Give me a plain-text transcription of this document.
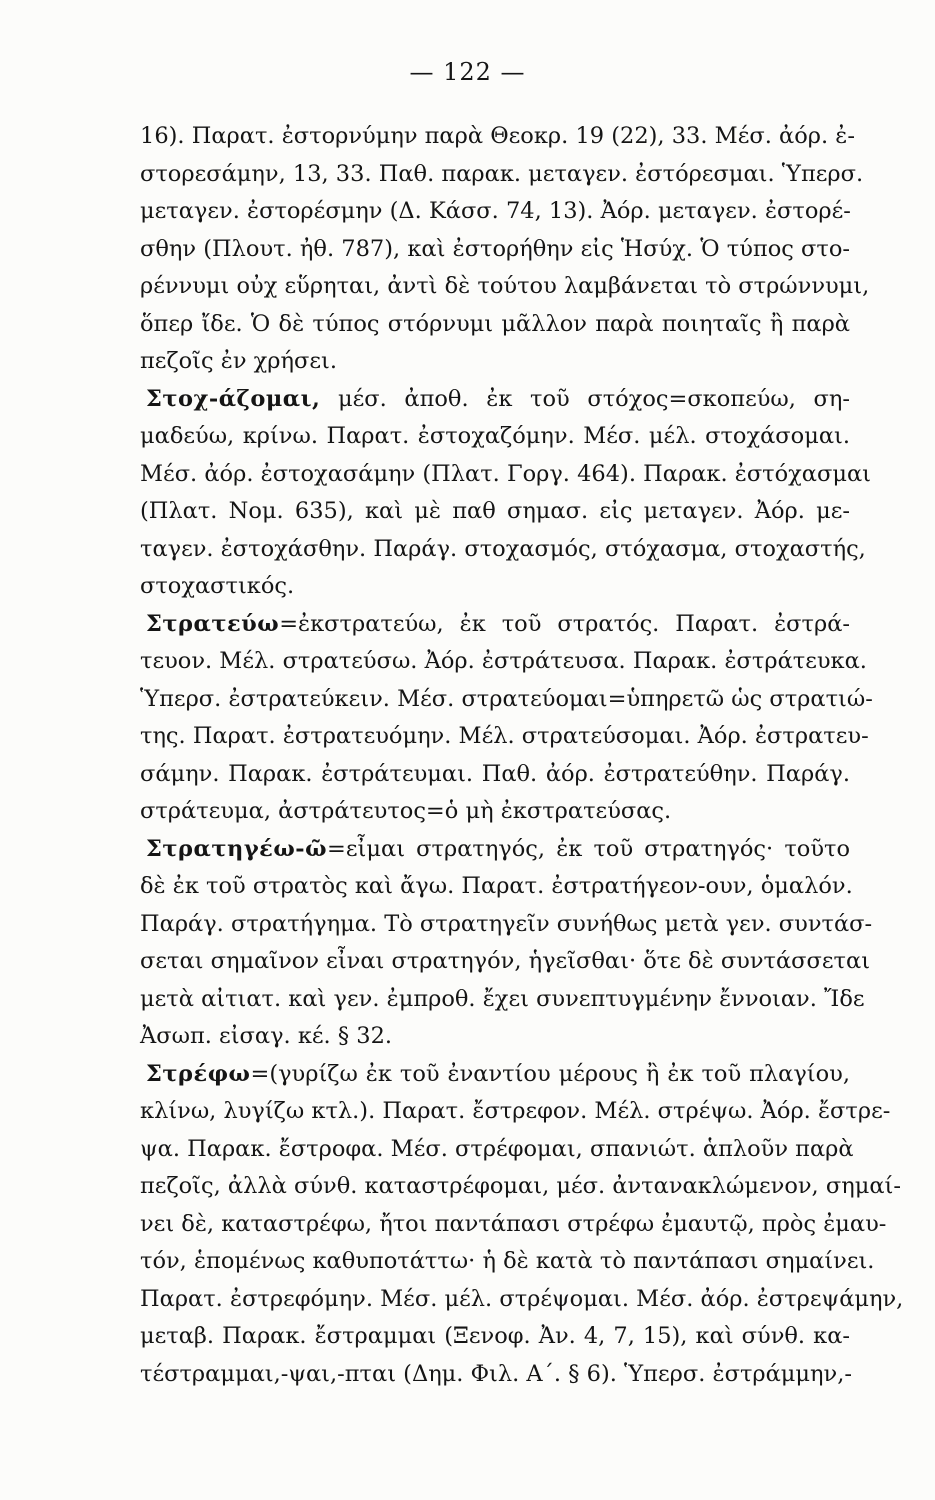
— 122 —
16). Παρατ. ἐστορνύμην παρὰ Θεοκρ. 19 (22), 33. Μέσ. ἀόρ. ἐ-
στορεσάμην, 13, 33. Παθ. παρακ. μεταγεν. ἐστόρεσμαι. Ὑπερσ.
μεταγεν. ἐστορέσμην (Δ. Κάσσ. 74, 13). Ἀόρ. μεταγεν. ἐστορέ-
σθην (Πλουτ. ἠθ. 787), καὶ ἐστορήθην εἰς Ἡσύχ. Ὁ τύπος στο-
ρέννυμι οὐχ εὕρηται, ἀντὶ δὲ τούτου λαμβάνεται τὸ στρώννυμι,
ὅπερ ἴδε. Ὁ δὲ τύπος στόρνυμι μᾶλλον παρὰ ποιηταῖς ἢ παρὰ
πεζοῖς ἐν χρήσει.
Στοχ-άζομαι, μέσ. ἀποθ. ἐκ τοῦ στόχος=σκοπεύω, ση-
μαδεύω, κρίνω. Παρατ. ἐστοχαζόμην. Μέσ. μέλ. στοχάσομαι.
Μέσ. ἀόρ. ἐστοχασάμην (Πλατ. Γοργ. 464). Παρακ. ἐστόχασμαι
(Πλατ. Νομ. 635), καὶ μὲ παθ σημασ. εἰς μεταγεν. Ἀόρ. με-
ταγεν. ἐστοχάσθην. Παράγ. στοχασμός, στόχασμα, στοχαστής,
στοχαστικός.
Στρατεύω=ἐκστρατεύω, ἐκ τοῦ στρατός. Παρατ. ἐστρά-
τευον. Μέλ. στρατεύσω. Ἀόρ. ἐστράτευσα. Παρακ. ἐστράτευκα.
Ὑπερσ. ἐστρατεύκειν. Μέσ. στρατεύομαι=ὑπηρετῶ ὡς στρατιώ-
της. Παρατ. ἐστρατευόμην. Μέλ. στρατεύσομαι. Ἀόρ. ἐστρατευ-
σάμην. Παρακ. ἐστράτευμαι. Παθ. ἀόρ. ἐστρατεύθην. Παράγ.
στράτευμα, ἀστράτευτος=ὁ μὴ ἐκστρατεύσας.
Στρατηγέω-ῶ=εἶμαι στρατηγός, ἐκ τοῦ στρατηγός· τοῦτο
δὲ ἐκ τοῦ στρατὸς καὶ ἄγω. Παρατ. ἐστρατήγεον-ουν, ὁμαλόν.
Παράγ. στρατήγημα. Τὸ στρατηγεῖν συνήθως μετὰ γεν. συντάσ-
σεται σημαῖνον εἶναι στρατηγόν, ἡγεῖσθαι· ὅτε δὲ συντάσσεται
μετὰ αἰτιατ. καὶ γεν. ἐμπροθ. ἔχει συνεπτυγμένην ἔννοιαν. Ἴδε
Ἀσωπ. εἰσαγ. κέ. § 32.
Στρέφω=(γυρίζω ἐκ τοῦ ἐναντίου μέρους ἢ ἐκ τοῦ πλαγίου,
κλίνω, λυγίζω κτλ.). Παρατ. ἔστρεφον. Μέλ. στρέψω. Ἀόρ. ἔστρε-
ψα. Παρακ. ἔστροφα. Μέσ. στρέφομαι, σπανιώτ. ἁπλοῦν παρὰ
πεζοῖς, ἀλλὰ σύνθ. καταστρέφομαι, μέσ. ἀντανακλώμενον, σημαί-
νει δὲ, καταστρέφω, ἤτοι παντάπασι στρέφω ἐμαυτῷ, πρὸς ἐμαυ-
τόν, ἑπομένως καθυποτάττω· ἡ δὲ κατὰ τὸ παντάπασι σημαίνει.
Παρατ. ἐστρεφόμην. Μέσ. μέλ. στρέψομαι. Μέσ. ἀόρ. ἐστρεψάμην,
μεταβ. Παρακ. ἔστραμμαι (Ξενοφ. Ἀν. 4, 7, 15), καὶ σύνθ. κα-
τέστραμμαι,-ψαι,-πται (Δημ. Φιλ. Α΄. § 6). Ὑπερσ. ἐστράμμην,-
